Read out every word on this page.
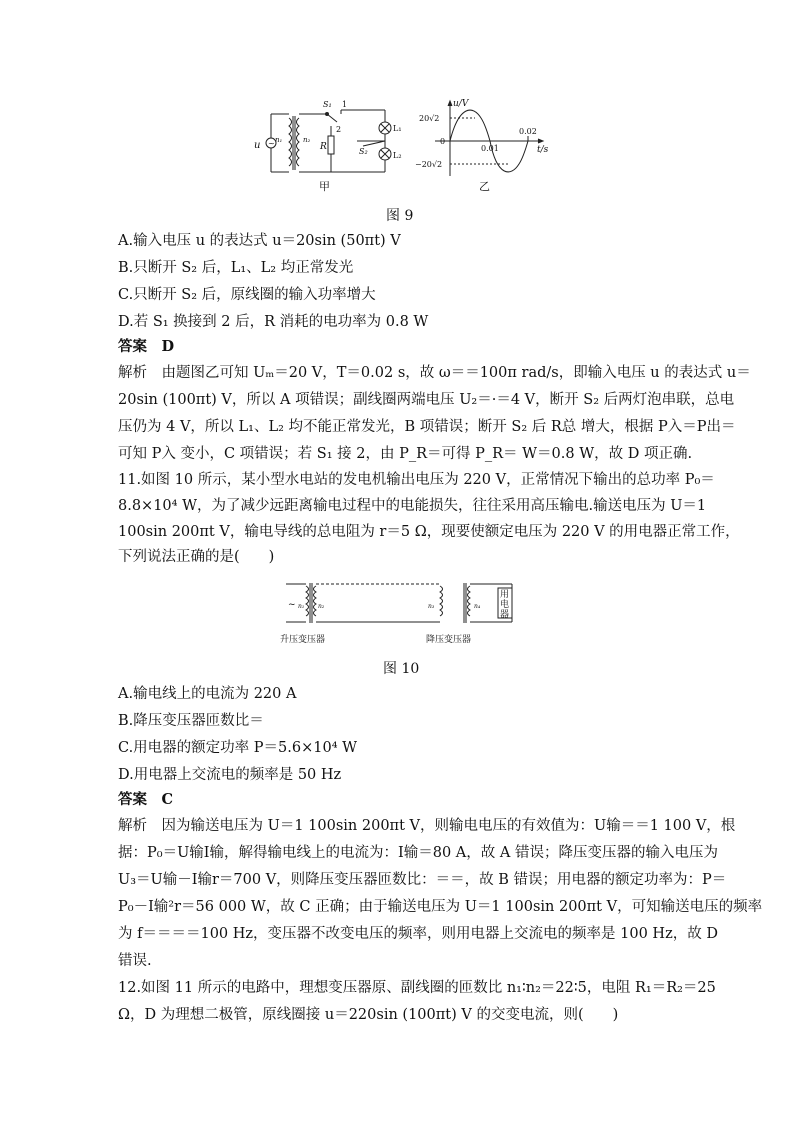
u ~ n₁	n₂
S₁ 1
2
R	S₂
L₁
L₂
甲
u/V
t/s
20√2
−20√2
0
0.01
0.02
乙
图 9
A.输入电压 u 的表达式 u＝20sin (50πt) V
B.只断开 S₂ 后，L₁、L₂ 均正常发光
C.只断开 S₂ 后，原线圈的输入功率增大
D.若 S₁ 换接到 2 后，R 消耗的电功率为 0.8 W
答案　D
解析　由题图乙可知 Uₘ＝20 V，T＝0.02 s，故 ω＝＝100π rad/s，即输入电压 u 的表达式 u＝
20sin (100πt) V，所以 A 项错误；副线圈两端电压 U₂＝·＝4 V，断开 S₂ 后两灯泡串联，总电
压仍为 4 V，所以 L₁、L₂ 均不能正常发光，B 项错误；断开 S₂ 后 R总 增大，根据 P入＝P出＝
可知 P入 变小，C 项错误；若 S₁ 接 2，由 P_R＝可得 P_R＝ W＝0.8 W，故 D 项正确.
11.如图 10 所示，某小型水电站的发电机输出电压为 220 V，正常情况下输出的总功率 P₀＝
8.8×10⁴ W，为了减少远距离输电过程中的电能损失，往往采用高压输电.输送电压为 U＝1
100sin 200πt V，输电导线的总电阻为 r＝5 Ω，现要使额定电压为 220 V 的用电器正常工作，
下列说法正确的是(　　)
~ n₁ n₂	n₃	n₄
用
电
器
升压变压器	降压变压器
图 10
A.输电线上的电流为 220 A
B.降压变压器匝数比＝
C.用电器的额定功率 P＝5.6×10⁴ W
D.用电器上交流电的频率是 50 Hz
答案　C
解析　因为输送电压为 U＝1 100sin 200πt V，则输电电压的有效值为：U输＝＝1 100 V，根
据：P₀＝U输I输，解得输电线上的电流为：I输＝80 A，故 A 错误；降压变压器的输入电压为
U₃＝U输－I输r＝700 V，则降压变压器匝数比：＝＝，故 B 错误；用电器的额定功率为：P＝
P₀－I输²r＝56 000 W，故 C 正确；由于输送电压为 U＝1 100sin 200πt V，可知输送电压的频率
为 f＝＝＝＝100 Hz，变压器不改变电压的频率，则用电器上交流电的频率是 100 Hz，故 D
错误.
12.如图 11 所示的电路中，理想变压器原、副线圈的匝数比 n₁∶n₂＝22∶5，电阻 R₁＝R₂＝25
Ω，D 为理想二极管，原线圈接 u＝220sin (100πt) V 的交变电流，则(　　)
